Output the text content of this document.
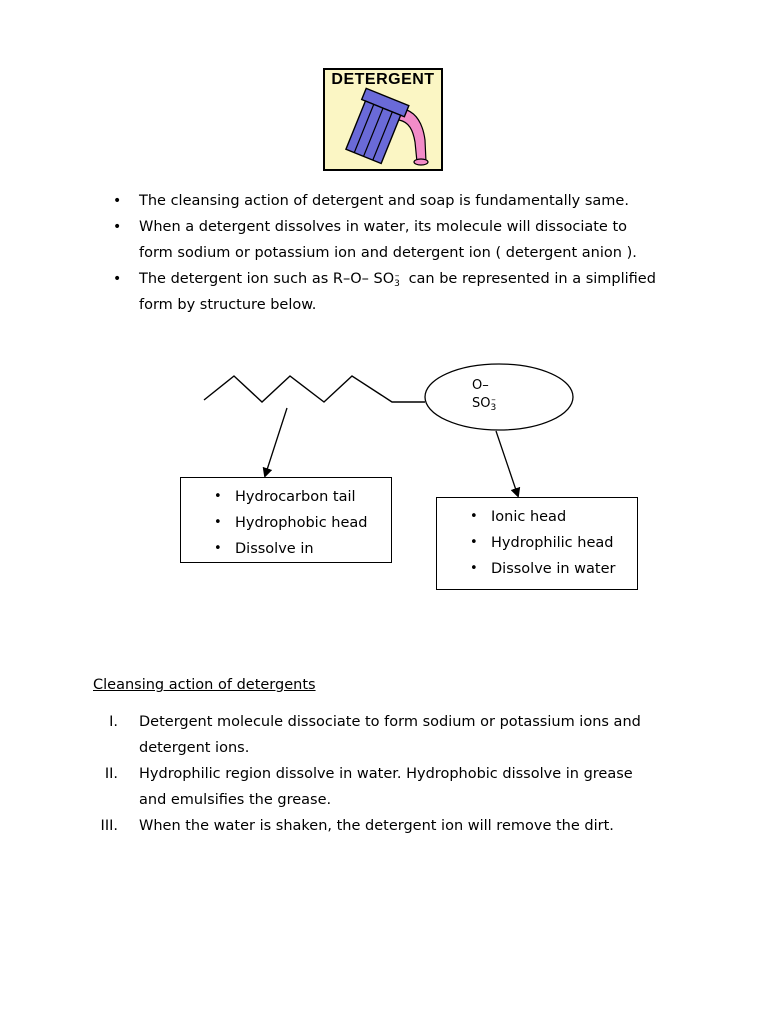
DETERGENT
• The cleansing action of detergent and soap is fundamentally same.
• When a detergent dissolves in water, its molecule will dissociate to
form sodium or potassium ion and detergent ion ( detergent anion ).
• The detergent ion such as R–O– $SO_3^-$ can be represented in a simplified
form by structure below.
O– $SO_3^-$
• Hydrocarbon tail
• Hydrophobic head
• Dissolve in
• Ionic head
• Hydrophilic head
• Dissolve in water
Cleansing action of detergents
I. Detergent molecule dissociate to form sodium or potassium ions and
detergent ions.
II. Hydrophilic region dissolve in water. Hydrophobic dissolve in grease
and emulsifies the grease.
III. When the water is shaken, the detergent ion will remove the dirt.
